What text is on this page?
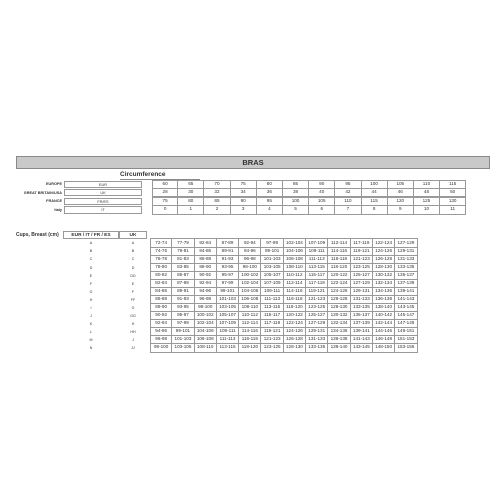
BRAS
Circumference
EUROPE	EUR	60	65	70	75	80	85	90	95	100	105	110	115
GREAT BRITAIN/USA	UK	28	30	32	34	36	38	40	42	44	46	48	50
FRANCE	FR/ES	75	80	85	90	95	100	105	110	115	120	125	130
Italy	IT	0	1	2	3	4	5	6	7	8	9	10	11
Cups, Breast (cm)	EUR / IT / FR / ES	UK
A	A	72-74	77-79	82-84	87-89	92-94	97-99	102-104	107-109	112-114	117-119	122-124	127-129
B	B	74-76	79-81	84-86	89-91	94-96	99-101	104-106	109-111	114-116	119-121	124-126	129-131
C	C	76-78	81-83	86-88	91-93	96-98	101-103	106-108	111-113	116-118	121-123	126-128	131-133
D	D	78-80	83-85	88-90	93-95	98-100	103-105	108-110	113-115	118-120	123-125	128-130	133-135
E	DD	80-82	85-87	90-92	95-97	100-102	105-107	110-112	115-117	120-122	125-127	130-132	135-137
F	E	82-84	87-89	92-94	97-99	102-104	107-109	112-114	117-119	122-124	127-129	132-134	137-139
G	F	84-86	89-91	94-96	99-101	104-106	109-111	114-116	119-121	124-126	129-131	134-136	139-141
H	FF	86-88	91-93	96-98	101-103	106-108	111-113	116-118	121-123	126-128	131-133	136-138	141-143
I	G	88-90	93-95	98-100	103-105	108-110	113-115	118-120	123-125	128-130	133-135	138-140	143-145
J	GG	90-92	95-97	100-102	105-107	110-112	115-117	120-122	125-127	130-132	135-137	140-142	145-147
K	H	92-94	97-99	102-104	107-109	112-114	117-119	122-124	127-129	132-134	137-139	142-144	147-149
L	HH	94-96	99-101	104-106	109-111	114-116	119-121	124-126	129-131	134-136	139-141	144-146	149-151
M	J	96-98	101-103	106-108	111-113	116-118	121-123	126-128	131-133	136-138	141-143	146-148	151-153
N	JJ	98-100	103-105	108-110	113-115	118-120	123-125	128-130	133-135	138-140	143-145	148-150	153-155
